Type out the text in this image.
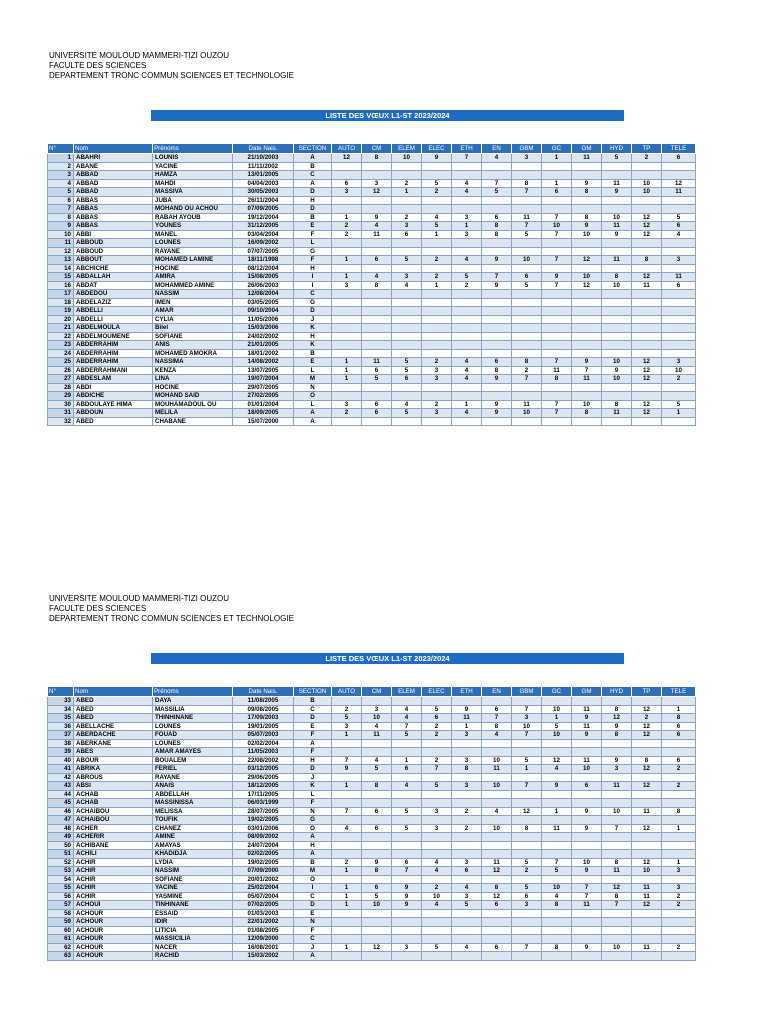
UNIVERSITE MOULOUD MAMMERI-TIZI OUZOU
FACULTE DES SCIENCES
DEPARTEMENT TRONC COMMUN SCIENCES ET TECHNOLOGIE
LISTE DES VŒUX L1-ST 2023/2024
N°	Nom	Prénoms	Date Nais.	SECTION	AUTO	CM	ELEM	ELEC	ETH	EN	GBM	GC	GM	HYD	TP	TELE
1	ABAHRI	LOUNIS	21/10/2003	A	12	8	10	9	7	4	3	1	11	5	2	6
2	ABANE	YACINE	11/11/2002	B												
3	ABBAD	HAMZA	13/01/2005	C												
4	ABBAD	MAHDI	04/04/2003	A	6	3	2	5	4	7	8	1	9	11	10	12
5	ABBAD	MASSIVA	30/05/2003	D	3	12	1	2	4	5	7	6	8	9	10	11
6	ABBAS	JUBA	26/11/2004	H												
7	ABBAS	MOHAND OU ACHOU	07/09/2005	D												
8	ABBAS	RABAH AYOUB	19/12/2004	B	1	9	2	4	3	6	11	7	8	10	12	5
9	ABBAS	YOUNES	31/12/2005	E	2	4	3	5	1	8	7	10	9	11	12	6
10	ABBI	MANEL	03/04/2004	F	2	11	6	1	3	8	5	7	10	9	12	4
11	ABBOUD	LOUNES	16/09/2002	L												
12	ABBOUD	RAYANE	07/07/2005	G												
13	ABBOUT	MOHAMED LAMINE	18/11/1998	F	1	6	5	2	4	9	10	7	12	11	8	3
14	ABCHICHE	HOCINE	08/12/2004	H												
15	ABDALLAH	AMIRA	15/08/2005	I	1	4	3	2	5	7	6	9	10	8	12	11
16	ABDAT	MOHAMMED AMINE	26/06/2003	I	3	8	4	1	2	9	5	7	12	10	11	6
17	ABDEDOU	NASSIM	12/08/2004	C												
18	ABDELAZIZ	IMEN	03/05/2005	G												
19	ABDELLI	AMAR	09/10/2004	D												
20	ABDELLI	CYLIA	11/05/2006	J												
21	ABDELMOULA	Bilel	15/03/2006	K												
22	ABDELMOUMENE	SOFIANE	24/02/2002	H												
23	ABDERRAHIM	ANIS	21/01/2005	K												
24	ABDERRAHIM	MOHAMED AMOKRA	18/01/2002	B												
25	ABDERRAHIM	NASSIMA	14/08/2002	E	1	11	5	2	4	6	8	7	9	10	12	3
26	ABDERRAHMANI	KENZA	13/07/2005	L	1	6	5	3	4	8	2	11	7	9	12	10
27	ABDESLAM	LINA	19/07/2004	M	1	5	6	3	4	9	7	8	11	10	12	2
28	ABDI	HOCINE	29/07/2005	N												
29	ABDICHE	MOHAND SAID	27/02/2005	O												
30	ABDOULAYE HIMA	MOUHAMADOUL OU	01/01/2004	L	3	6	4	2	1	9	11	7	10	8	12	5
31	ABDOUN	MELILA	18/09/2005	A	2	6	5	3	4	9	10	7	8	11	12	1
32	ABED	CHABANE	15/07/2000	A												
UNIVERSITE MOULOUD MAMMERI-TIZI OUZOU
FACULTE DES SCIENCES
DEPARTEMENT TRONC COMMUN SCIENCES ET TECHNOLOGIE
LISTE DES VŒUX L1-ST 2023/2024
N°	Nom	Prénoms	Date Nais.	SECTION	AUTO	CM	ELEM	ELEC	ETH	EN	GBM	GC	GM	HYD	TP	TELE
33	ABED	DAYA	11/08/2005	B												
34	ABED	MASSILIA	09/08/2005	C	2	3	4	5	9	6	7	10	11	8	12	1
35	ABED	THINHINANE	17/09/2003	D	5	10	4	6	11	7	3	1	9	12	2	8
36	ABELLACHE	LOUNES	19/01/2005	E	3	4	7	2	1	8	10	5	11	9	12	6
37	ABERDACHE	FOUAD	05/07/2003	F	1	11	5	2	3	4	7	10	9	8	12	6
38	ABERKANE	LOUNES	02/02/2004	A												
39	ABES	AMAR AMAYES	11/05/2003	F												
40	ABOUR	BOUALEM	22/08/2002	H	7	4	1	2	3	10	5	12	11	9	8	6
41	ABRIKA	FERIEL	03/12/2005	D	9	5	6	7	8	11	1	4	10	3	12	2
42	ABROUS	RAYANE	29/06/2005	J												
43	ABSI	ANAIS	18/12/2005	K	1	8	4	5	3	10	7	9	6	11	12	2
44	ACHAB	ABDELLAH	17/11/2005	L												
45	ACHAB	MASSINISSA	06/03/1999	F												
46	ACHAIBOU	MELISSA	28/07/2005	N	7	6	5	3	2	4	12	1	9	10	11	8
47	ACHAIBOU	TOUFIK	19/02/2005	G												
48	ACHER	CHANEZ	03/01/2006	O	4	6	5	3	2	10	8	11	9	7	12	1
49	ACHERIR	AMINE	08/09/2002	A												
50	ACHIBANE	AMAYAS	24/07/2004	H												
51	ACHILI	KHADIDJA	02/02/2005	A												
52	ACHIR	LYDIA	19/02/2005	B	2	9	6	4	3	11	5	7	10	8	12	1
53	ACHIR	NASSIM	07/09/2000	M	1	8	7	4	6	12	2	5	9	11	10	3
54	ACHIR	SOFIANE	20/01/2002	O												
55	ACHIR	YACINE	25/02/2004	I	1	6	9	2	4	8	5	10	7	12	11	3
56	ACHIR	YASMINE	05/07/2004	C	1	5	9	10	3	12	6	4	7	8	11	2
57	ACHOUI	TINHINANE	07/02/2005	D	1	10	9	4	5	6	3	8	11	7	12	2
58	ACHOUR	ESSAID	01/03/2003	E												
59	ACHOUR	IDIR	22/01/2002	N												
60	ACHOUR	LITICIA	01/08/2005	F												
61	ACHOUR	MASSICILIA	12/09/2000	C												
62	ACHOUR	NACER	16/08/2001	J	1	12	3	5	4	6	7	8	9	10	11	2
63	ACHOUR	RACHID	15/03/2002	A												
